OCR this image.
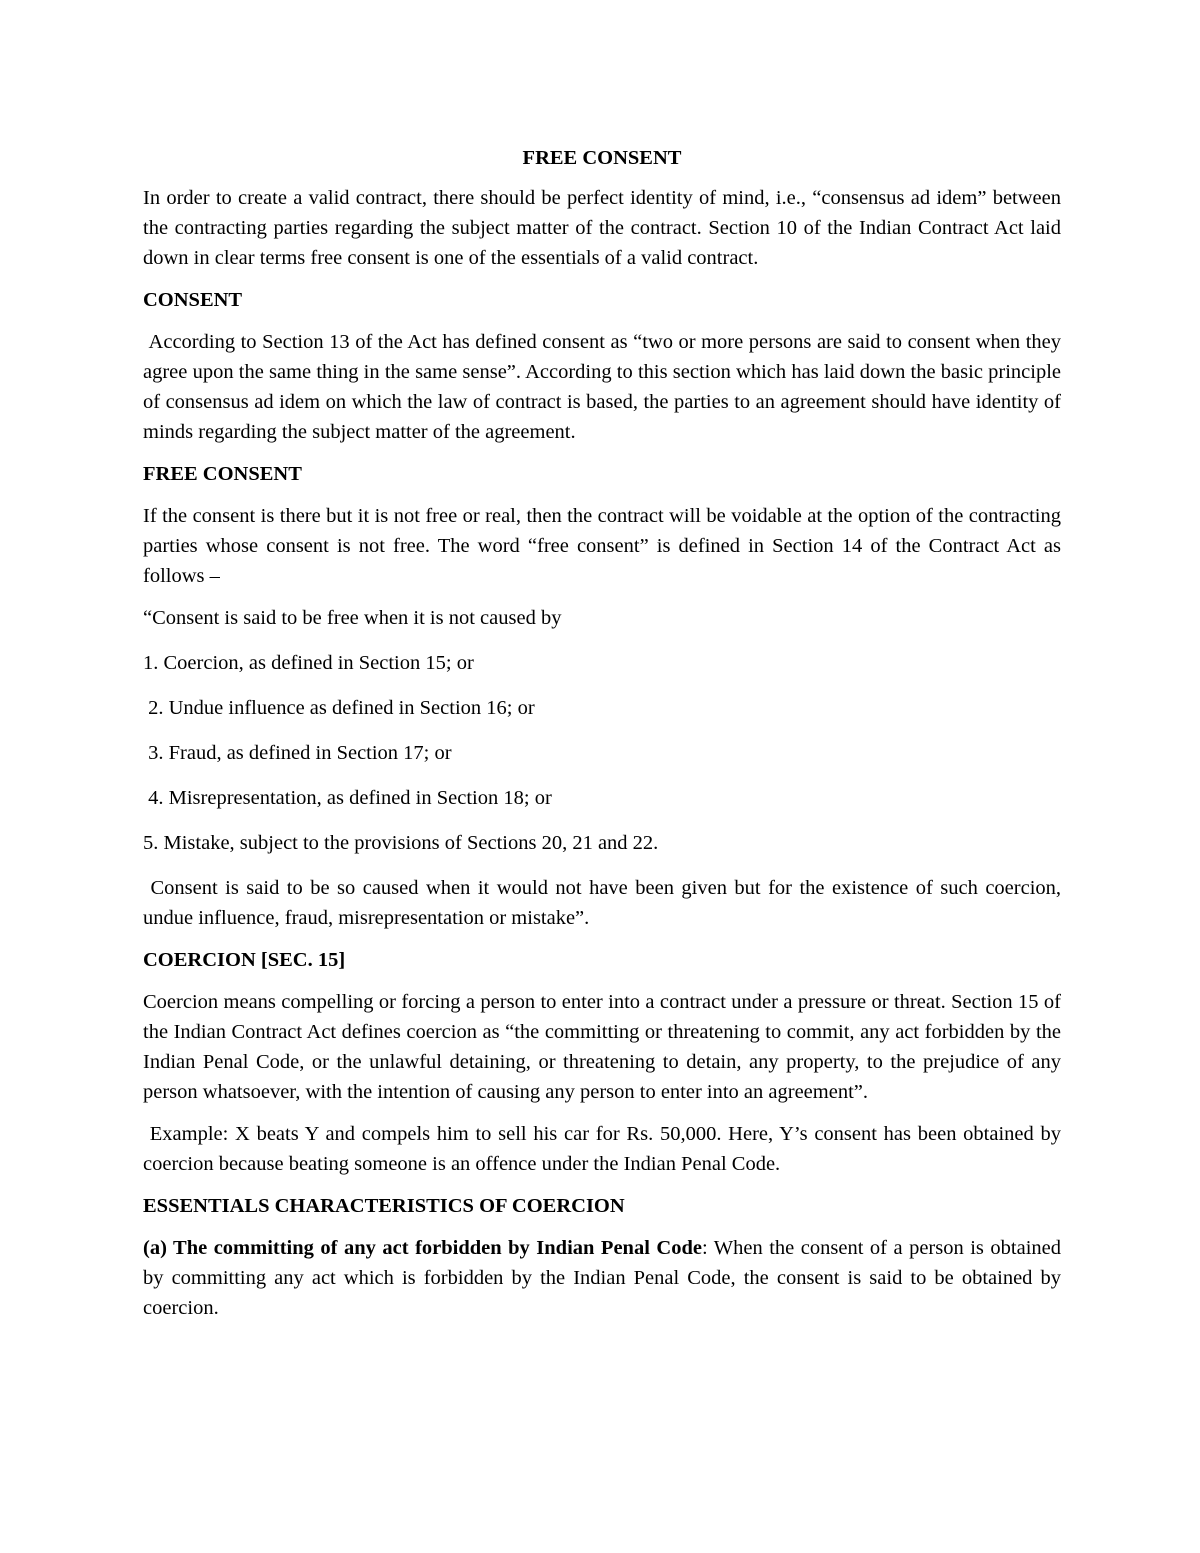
FREE CONSENT

In order to create a valid contract, there should be perfect identity of mind, i.e., “consensus ad idem” between the contracting parties regarding the subject matter of the contract. Section 10 of the Indian Contract Act laid down in clear terms free consent is one of the essentials of a valid contract.

CONSENT

According to Section 13 of the Act has defined consent as “two or more persons are said to consent when they agree upon the same thing in the same sense”. According to this section which has laid down the basic principle of consensus ad idem on which the law of contract is based, the parties to an agreement should have identity of minds regarding the subject matter of the agreement.

FREE CONSENT

If the consent is there but it is not free or real, then the contract will be voidable at the option of the contracting parties whose consent is not free. The word “free consent” is defined in Section 14 of the Contract Act as follows –

“Consent is said to be free when it is not caused by
1. Coercion, as defined in Section 15; or
2. Undue influence as defined in Section 16; or
3. Fraud, as defined in Section 17; or
4. Misrepresentation, as defined in Section 18; or
5. Mistake, subject to the provisions of Sections 20, 21 and 22.

Consent is said to be so caused when it would not have been given but for the existence of such coercion, undue influence, fraud, misrepresentation or mistake”.

COERCION [SEC. 15]

Coercion means compelling or forcing a person to enter into a contract under a pressure or threat. Section 15 of the Indian Contract Act defines coercion as “the committing or threatening to commit, any act forbidden by the Indian Penal Code, or the unlawful detaining, or threatening to detain, any property, to the prejudice of any person whatsoever, with the intention of causing any person to enter into an agreement”.

Example: X beats Y and compels him to sell his car for Rs. 50,000. Here, Y’s consent has been obtained by coercion because beating someone is an offence under the Indian Penal Code.

ESSENTIALS CHARACTERISTICS OF COERCION

(a) The committing of any act forbidden by Indian Penal Code: When the consent of a person is obtained by committing any act which is forbidden by the Indian Penal Code, the consent is said to be obtained by coercion.
